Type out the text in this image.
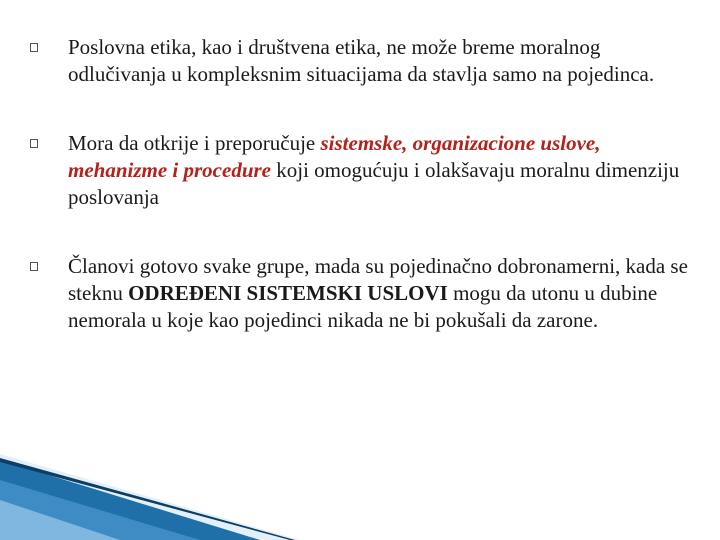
Poslovna etika, kao i društvena etika, ne može breme moralnog odlučivanja u kompleksnim situacijama da stavlja samo na pojedinca.
Mora da otkrije i preporučuje sistemske, organizacione uslove, mehanizme i procedure koji omogućuju i olakšavaju moralnu dimenziju poslovanja
Članovi gotovo svake grupe, mada su pojedinačno dobronamerni, kada se steknu ODREĐENI SISTEMSKI USLOVI mogu da utonu u dubine nemorala u koje kao pojedinci nikada ne bi pokušali da zarone.
